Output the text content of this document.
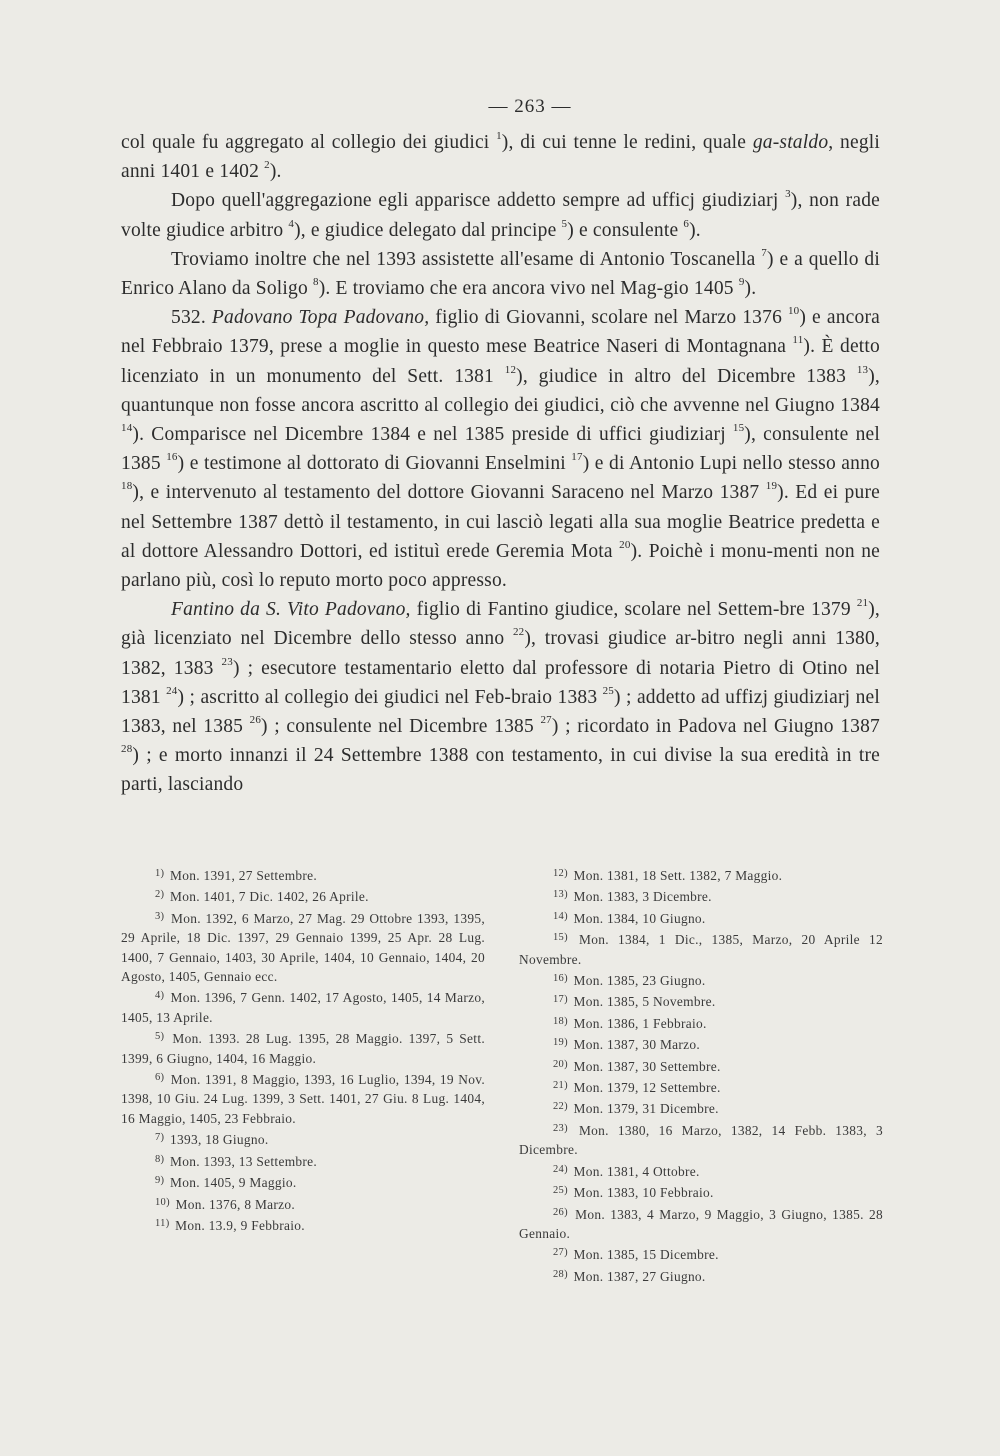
— 263 —

col quale fu aggregato al collegio dei giudici $^1$), di cui tenne le redini, quale ga-staldo, negli anni 1401 e 1402 $^2$).

Dopo quell'aggregazione egli apparisce addetto sempre ad ufficj giudiziarj $^3$), non rade volte giudice arbitro $^4$), e giudice delegato dal principe $^5$) e consulente $^6$).

Troviamo inoltre che nel 1393 assistette all'esame di Antonio Toscanella $^7$) e a quello di Enrico Alano da Soligo $^8$). E troviamo che era ancora vivo nel Mag-gio 1405 $^9$).

532. Padovano Topa Padovano, figlio di Giovanni, scolare nel Marzo 1376 $^{10}$) e ancora nel Febbraio 1379, prese a moglie in questo mese Beatrice Naseri di Montagnana $^{11}$). È detto licenziato in un monumento del Sett. 1381 $^{12}$), giudice in altro del Dicembre 1383 $^{13}$), quantunque non fosse ancora ascritto al collegio dei giudici, ciò che avvenne nel Giugno 1384 $^{14}$). Comparisce nel Dicembre 1384 e nel 1385 preside di uffici giudiziarj $^{15}$), consulente nel 1385 $^{16}$) e testimone al dottorato di Giovanni Enselmini $^{17}$) e di Antonio Lupi nello stesso anno $^{18}$), e intervenuto al testamento del dottore Giovanni Saraceno nel Marzo 1387 $^{19}$). Ed ei pure nel Settembre 1387 dettò il testamento, in cui lasciò legati alla sua moglie Beatrice predetta e al dottore Alessandro Dottori, ed istituì erede Geremia Mota $^{20}$). Poichè i monu-menti non ne parlano più, così lo reputo morto poco appresso.

Fantino da S. Vito Padovano, figlio di Fantino giudice, scolare nel Settem-bre 1379 $^{21}$), già licenziato nel Dicembre dello stesso anno $^{22}$), trovasi giudice ar-bitro negli anni 1380, 1382, 1383 $^{23}$) ; esecutore testamentario eletto dal professore di notaria Pietro di Otino nel 1381 $^{24}$) ; ascritto al collegio dei giudici nel Feb-braio 1383 $^{25}$) ; addetto ad uffizj giudiziarj nel 1383, nel 1385 $^{26}$) ; consulente nel Dicembre 1385 $^{27}$) ; ricordato in Padova nel Giugno 1387 $^{28}$) ; e morto innanzi il 24 Settembre 1388 con testamento, in cui divise la sua eredità in tre parti, lasciando

$^{1)}$ Mon. 1391, 27 Settembre.

$^{2)}$ Mon. 1401, 7 Dic. 1402, 26 Aprile.

$^{3)}$ Mon. 1392, 6 Marzo, 27 Mag. 29 Ottobre 1393, 1395, 29 Aprile, 18 Dic. 1397, 29 Gennaio 1399, 25 Apr. 28 Lug. 1400, 7 Gennaio, 1403, 30 Aprile, 1404, 10 Gennaio, 1404, 20 Agosto, 1405, Gennaio ecc.

$^{4)}$ Mon. 1396, 7 Genn. 1402, 17 Agosto, 1405, 14 Marzo, 1405, 13 Aprile.

$^{5)}$ Mon. 1393. 28 Lug. 1395, 28 Maggio. 1397, 5 Sett. 1399, 6 Giugno, 1404, 16 Maggio.

$^{6)}$ Mon. 1391, 8 Maggio, 1393, 16 Luglio, 1394, 19 Nov. 1398, 10 Giu. 24 Lug. 1399, 3 Sett. 1401, 27 Giu. 8 Lug. 1404, 16 Maggio, 1405, 23 Febbraio.

$^{7)}$ 1393, 18 Giugno.

$^{8)}$ Mon. 1393, 13 Settembre.

$^{9)}$ Mon. 1405, 9 Maggio.

$^{10)}$ Mon. 1376, 8 Marzo.

$^{11)}$ Mon. 13.9, 9 Febbraio.

$^{12)}$ Mon. 1381, 18 Sett. 1382, 7 Maggio.

$^{13)}$ Mon. 1383, 3 Dicembre.

$^{14)}$ Mon. 1384, 10 Giugno.

$^{15)}$ Mon. 1384, 1 Dic., 1385, Marzo, 20 Aprile 12 Novembre.

$^{16)}$ Mon. 1385, 23 Giugno.

$^{17)}$ Mon. 1385, 5 Novembre.

$^{18)}$ Mon. 1386, 1 Febbraio.

$^{19)}$ Mon. 1387, 30 Marzo.

$^{20)}$ Mon. 1387, 30 Settembre.

$^{21)}$ Mon. 1379, 12 Settembre.

$^{22)}$ Mon. 1379, 31 Dicembre.

$^{23)}$ Mon. 1380, 16 Marzo, 1382, 14 Febb. 1383, 3 Dicembre.

$^{24)}$ Mon. 1381, 4 Ottobre.

$^{25)}$ Mon. 1383, 10 Febbraio.

$^{26)}$ Mon. 1383, 4 Marzo, 9 Maggio, 3 Giugno, 1385. 28 Gennaio.

$^{27)}$ Mon. 1385, 15 Dicembre.

$^{28)}$ Mon. 1387, 27 Giugno.
